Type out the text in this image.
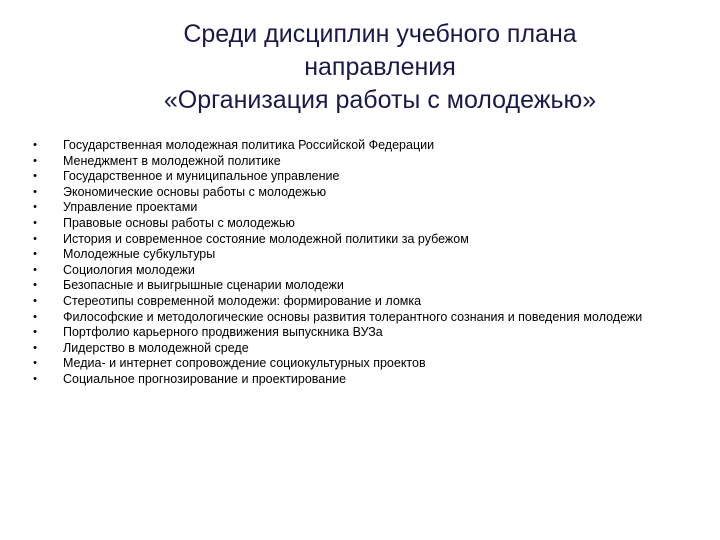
Среди дисциплин учебного плана
направления
«Организация работы с молодежью»
•	Государственная молодежная политика Российской Федерации
•	Менеджмент в молодежной политике
•	Государственное и муниципальное управление
•	Экономические основы работы с молодежью
•	Управление проектами
•	Правовые основы работы с молодежью
•	История и современное состояние молодежной политики за рубежом
•	Молодежные субкультуры
•	Социология молодежи
•	Безопасные и выигрышные сценарии молодежи
•	Стереотипы современной молодежи: формирование и ломка
•	Философские и методологические основы развития толерантного сознания и поведения молодежи
•	Портфолио карьерного продвижения выпускника ВУЗа
•	Лидерство в молодежной среде
•	Медиа- и интернет сопровождение социокультурных проектов
•	Социальное прогнозирование и проектирование
